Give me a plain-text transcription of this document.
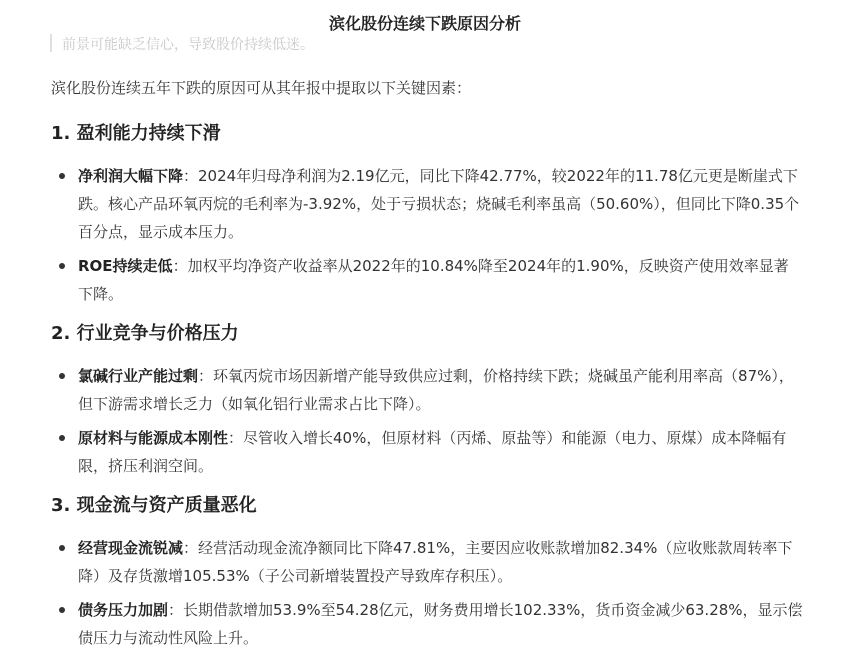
滨化股份连续下跌原因分析
前景可能缺乏信心，导致股价持续低迷。

滨化股份连续五年下跌的原因可从其年报中提取以下关键因素：

1. 盈利能力持续下滑
净利润大幅下降：2024年归母净利润为2.19亿元，同比下降42.77%，较2022年的11.78亿元更是断崖式下跌。核心产品环氧丙烷的毛利率为-3.92%，处于亏损状态；烧碱毛利率虽高（50.60%），但同比下降0.35个百分点，显示成本压力。
ROE持续走低：加权平均净资产收益率从2022年的10.84%降至2024年的1.90%，反映资产使用效率显著下降。
2. 行业竞争与价格压力
氯碱行业产能过剩：环氧丙烷市场因新增产能导致供应过剩，价格持续下跌；烧碱虽产能利用率高（87%），但下游需求增长乏力（如氧化铝行业需求占比下降）。
原材料与能源成本刚性：尽管收入增长40%，但原材料（丙烯、原盐等）和能源（电力、原煤）成本降幅有限，挤压利润空间。
3. 现金流与资产质量恶化
经营现金流锐减：经营活动现金流净额同比下降47.81%，主要因应收账款增加82.34%（应收账款周转率下降）及存货激增105.53%（子公司新增装置投产导致库存积压）。
债务压力加剧：长期借款增加53.9%至54.28亿元，财务费用增长102.33%，货币资金减少63.28%，显示偿债压力与流动性风险上升。
